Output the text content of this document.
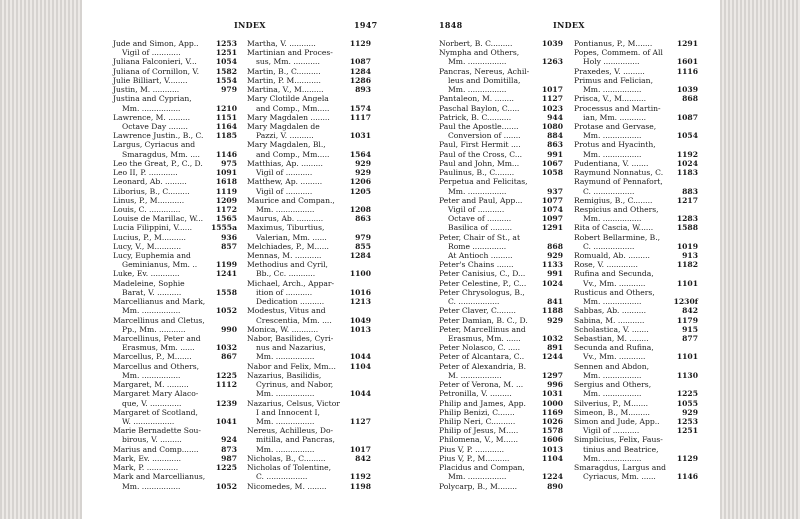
INDEX	1947
Jude and Simon, App.. 1253
Vigil of ............	1251
Juliana Falconieri, V...	1054
Juliana of Cornillon, V. 1582
Julie Billiart, V........	1554
Justin, M. ...........	979
Justina and Cyprian,
Mm. ................	1210
Lawrence, M. .........	1151
Octave Day ........	1164
Lawrence Justin., B., C. 1185
Largus, Cyriacus and
Smaragdus, Mm. .... 1146
Leo the Great, P., C., D. 975
Leo II, P. ............	1091
Leonard, Ab. .........	1618
Liborius, B., C.........	1119
Linus, P., M...........	1209
Louis, C. .............	1172
Louise de Marillac, W... 1565
Lucia Filippini, V...... 1555a
Lucius, P., M..........	936
Lucy, V., M...........	857
Lucy, Euphemia and
Geminianus, Mm. .. 1199
Luke, Ev. ............	1241
Madeleine, Sophie
Barat, V. ..........	1558
Marcellianus and Mark,
Mm. ................	1052
Marcellinus and Cletus,
Pp., Mm. ...........	990
Marcellinus, Peter and
Erasmus, Mm. ......	1032
Marcellus, P., M.......	867
Marcellus and Others,
Mm. ................	1225
Margaret, M. .........	1112
Margaret Mary Alaco-
que, V. .............	1239
Margaret of Scotland,
W. .................	1041
Marie Bernadette Sou-
birous, V. .........	924
Marius and Comp.......	873
Mark, Ev. ............	987
Mark, P. .............	1225
Mark and Marcellianus,
Mm. ................	1052
Martha, V. ...........	1129
Martinian and Proces-
sus, Mm. ...........	1087
Martin, B., C..........	1284
Martin, P. M...........	1286
Martina, V., M.........	893
Mary Clotilde Angela
and Comp., Mm.....	1574
Mary Magdalen ........	1117
Mary Magdalen de
Pazzi, V. ..........	1031
Mary Magdalen, Bl.,
and Comp., Mm.....	1564
Matthias, Ap. .........	929
Vigil of ...........	929
Matthew, Ap. .........	1206
Vigil of ...........	1205
Maurice and Compan.,
Mm. ................	1208
Maurus, Ab. ...........	863
Maximus, Tiburtius,
Valerian, Mm. ......	979
Melchiades, P., M......	855
Mennas, M. ...........	1284
Methodius and Cyril,
Bb., Cc. ...........	1100
Michael, Arch., Appar-
ition of ...........	1016
Dedication ..........	1213
Modestus, Vitus and
Crescentia, Mm. .... 1049
Monica, W. ...........	1013
Nabor, Basilides, Cyri-
nus and Nazarius,
Mm. ................	1044
Nabor and Felix, Mm... 1104
Nazarius, Basilidis,
Cyrinus, and Nabor,
Mm. ................	1044
Nazarius, Celsus, Victor
I and Innocent I,
Mm. ................	1127
Nereus, Achilleus, Do-
mitilla, and Pancras,
Mm. ................	1017
Nicholas, B., C.........	842
Nicholas of Tolentine,
C. .................	1192
Nicomedes, M. ........	1198
1848	INDEX
Norbert, B. C.........	1039
Nympha and Others,
Mm. ................	1263
Pancras, Nereus, Achil-
leus and Domitilla,
Mm. ................	1017
Pantaleon, M. ........	1127
Paschal Baylon, C.....	1023
Patrick, B. C..........	944
Paul the Apostle.......	1080
Conversion of .......	884
Paul, First Hermit ....	863
Paul of the Cross, C...	991
Paul and John, Mm...	1067
Paulinus, B., C........	1058
Perpetua and Felicitas,
Mm. ................	937
Peter and Paul, App...	1077
Vigil of ...........	1074
Octave of ..........	1097
Basilica of .........	1291
Peter, Chair of St., at
Rome ..............	868
At Antioch .........	929
Peter's Chains .......	1133
Peter Canisius, C., D...	991
Peter Celestine, P., C... 1024
Peter Chrysologus, B.,
C. .................	841
Peter Claver, C........	1188
Peter Damian, B. C., D.	929
Peter, Marcellinus and
Erasmus, Mm. ......	1032
Peter Nolasco, C. .....	891
Peter of Alcantara, C.. 1244
Peter of Alexandria, B.
M. .................	1297
Peter of Verona, M. ...	996
Petronilla, V. .........	1031
Philip and James, App. 1000
Philip Benizi, C.......	1169
Philip Neri, C..........	1026
Philip of Jesus, M.....	1578
Philomena, V., M......	1606
Pius V, P. ............	1013
Pius V, P., M..........	1104
Placidus and Compan,
Mm. ................	1224
Polycarp, B., M........	890
Pontianus, P., M.......	1291
Popes, Commem. of All
Holy ...............	1601
Praxedes, V. .........	1116
Primus and Felician,
Mm. ................	1039
Prisca, V., M..........	868
Processus and Martin-
ian, Mm. ...........	1087
Protase and Gervase,
Mm. ................	1054
Protus and Hyacinth,
Mm. ................	1192
Pudentiana, V. .......	1024
Raymund Nonnatus, C. 1183
Raymund of Pennafort,
C. .................	883
Remigius, B., C........	1217
Respicius and Others,
Mm. ................	1283
Rita of Cascia, W......	1588
Robert Bellarmine, B.,
C. .................	1019
Romuald, Ab. .........	913
Rose, V. .............	1182
Rufina and Secunda,
Vv., Mm. ...........	1101
Rusticus and Others,
Mm. ................	1230f
Sabbas, Ab. ..........	842
Sabina, M. ...........	1179
Scholastica, V. .......	915
Sebastian, M. ........	877
Secunda and Rufina,
Vv., Mm. ...........	1101
Sennen and Abdon,
Mm. ................	1130
Sergius and Others,
Mm. ................	1225
Silverius, P., M.......	1055
Simeon, B., M.........	929
Simon and Jude, App.. 1253
Vigil of ...........	1251
Simplicius, Felix, Faus-
tinius and Beatrice,
Mm. ................	1129
Smaragdus, Largus and
Cyriacus, Mm. ......	1146
